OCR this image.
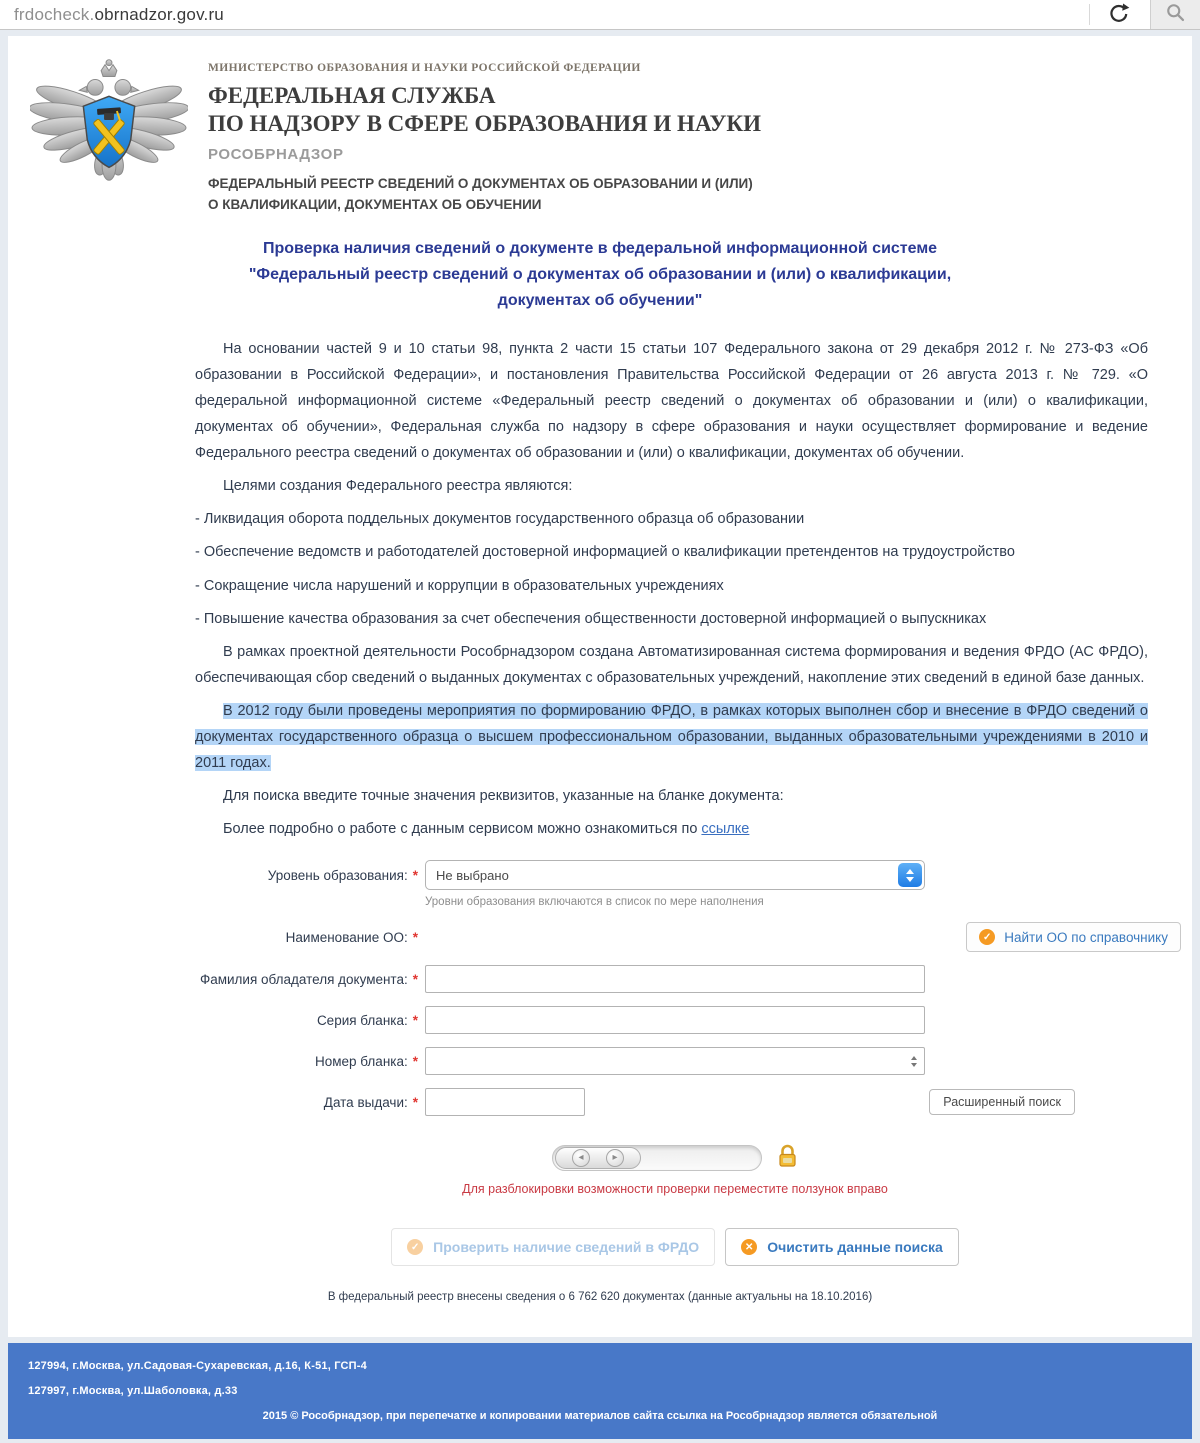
frdocheck.obrnadzor.gov.ru
МИНИСТЕРСТВО ОБРАЗОВАНИЯ И НАУКИ РОССИЙСКОЙ ФЕДЕРАЦИИ
ФЕДЕРАЛЬНАЯ СЛУЖБА
ПО НАДЗОРУ В СФЕРЕ ОБРАЗОВАНИЯ И НАУКИ
РОСОБРНАДЗОР
ФЕДЕРАЛЬНЫЙ РЕЕСТР СВЕДЕНИЙ О ДОКУМЕНТАХ ОБ ОБРАЗОВАНИИ И (ИЛИ)
О КВАЛИФИКАЦИИ, ДОКУМЕНТАХ ОБ ОБУЧЕНИИ
Проверка наличия сведений о документе в федеральной информационной системе
"Федеральный реестр сведений о документах об образовании и (или) о квалификации,
документах об обучении"

На основании частей 9 и 10 статьи 98, пункта 2 части 15 статьи 107 Федерального закона от 29 декабря 2012 г. № 273-ФЗ «Об образовании в Российской Федерации», и постановления Правительства Российской Федерации от 26 августа 2013 г. № 729. «О федеральной информационной системе «Федеральный реестр сведений о документах об образовании и (или) о квалификации, документах об обучении», Федеральная служба по надзору в сфере образования и науки осуществляет формирование и ведение Федерального реестра сведений о документах об образовании и (или) о квалификации, документах об обучении.

Целями создания Федерального реестра являются:

- Ликвидация оборота поддельных документов государственного образца об образовании

- Обеспечение ведомств и работодателей достоверной информацией о квалификации претендентов на трудоустройство

- Сокращение числа нарушений и коррупции в образовательных учреждениях

- Повышение качества образования за счет обеспечения общественности достоверной информацией о выпускниках

В рамках проектной деятельности Рособрнадзором создана Автоматизированная система формирования и ведения ФРДО (АС ФРДО), обеспечивающая сбор сведений о выданных документах с образовательных учреждений, накопление этих сведений в единой базе данных.

В 2012 году были проведены мероприятия по формированию ФРДО, в рамках которых выполнен сбор и внесение в ФРДО сведений о документах государственного образца о высшем профессиональном образовании, выданных образовательными учреждениями в 2010 и 2011 годах.

Для поиска введите точные значения реквизитов, указанные на бланке документа:

Более подробно о работе с данным сервисом можно ознакомиться по ссылке

Уровень образования: * Не выбрано
Уровни образования включаются в список по мере наполнения
Наименование ОО: *	✓ Найти ОО по справочнику
Фамилия обладателя документа: *
Серия бланка: *
Номер бланка: *
Дата выдачи: *	Расширенный поиск
◂	▸
Для разблокировки возможности проверки переместите ползунок вправо
✓ Проверить наличие сведений в ФРДО	✕ Очистить данные поиска
В федеральный реестр внесены сведения о 6 762 620 документах (данные актуальны на 18.10.2016)
127994, г.Москва, ул.Садовая-Сухаревская, д.16, К-51, ГСП-4
127997, г.Москва, ул.Шаболовка, д.33
2015 © Рособрнадзор, при перепечатке и копировании материалов сайта ссылка на Рособрнадзор является обязательной
